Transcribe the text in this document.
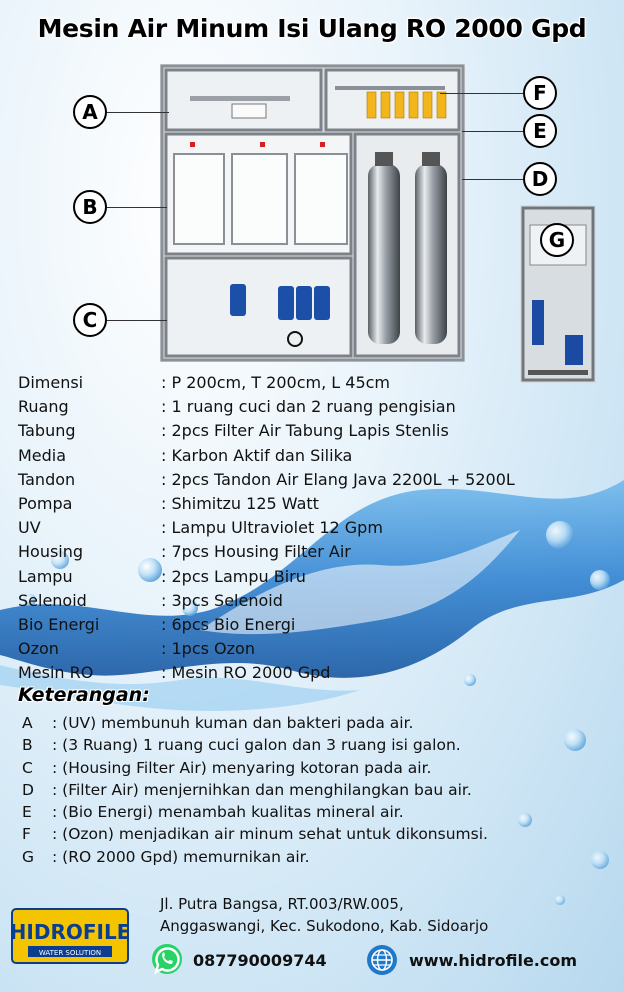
Mesin Air Minum Isi Ulang RO 2000 Gpd
A
B
C
F
E
D
G
Dimensi	: P 200cm, T 200cm, L 45cm
Ruang	: 1 ruang cuci dan 2 ruang pengisian
Tabung	: 2pcs Filter Air Tabung Lapis Stenlis
Media	: Karbon Aktif dan Silika
Tandon	: 2pcs Tandon Air Elang Java 2200L + 5200L
Pompa	: Shimitzu 125 Watt
UV	: Lampu Ultraviolet 12 Gpm
Housing	: 7pcs Housing Filter Air
Lampu	: 2pcs Lampu Biru
Selenoid	: 3pcs Selenoid
Bio Energi	: 6pcs Bio Energi
Ozon	: 1pcs Ozon
Mesin RO	: Mesin RO 2000 Gpd
Keterangan:
A : (UV) membunuh kuman dan bakteri pada air.
B : (3 Ruang) 1 ruang cuci galon dan 3 ruang isi galon.
C : (Housing Filter Air) menyaring kotoran pada air.
D : (Filter Air) menjernihkan dan menghilangkan bau air.
E : (Bio Energi) menambah kualitas mineral air.
F : (Ozon) menjadikan air minum sehat untuk dikonsumsi.
G : (RO 2000 Gpd) memurnikan air.
HIDROFILE
WATER SOLUTION
Jl. Putra Bangsa, RT.003/RW.005,
Anggaswangi, Kec. Sukodono, Kab. Sidoarjo
087790009744	www.hidrofile.com
